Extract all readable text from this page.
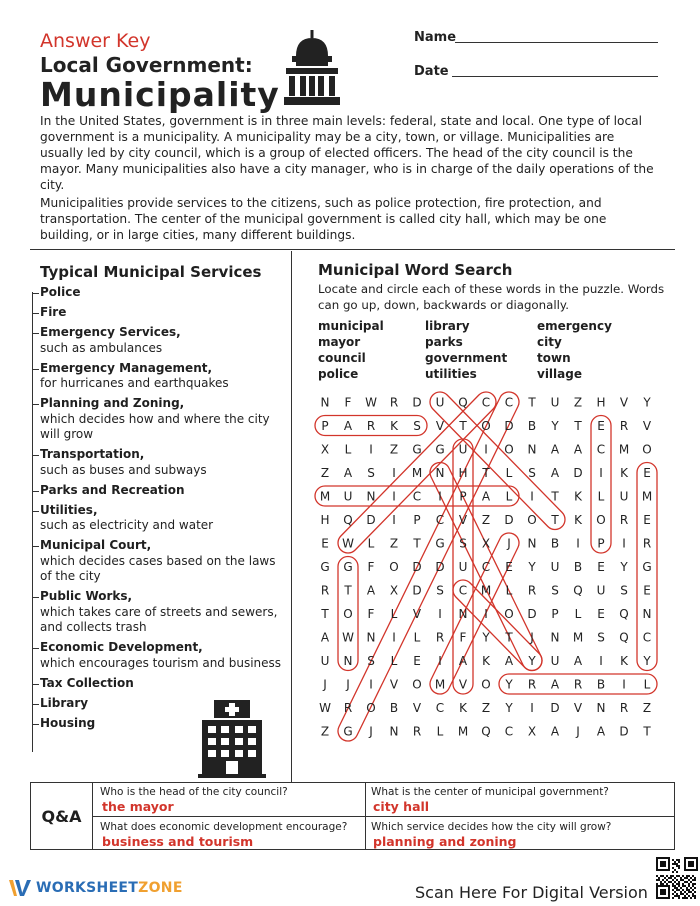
Answer Key
Local Government:
Municipality
Name
Date
In the United States, government is in three main levels: federal, state and local. One type of local government is a municipality. A municipality may be a city, town, or village. Municipalities are usually led by city council, which is a group of elected officers. The head of the city council is the mayor. Many municipalities also have a city manager, who is in charge of the daily operations of the city.
Municipalities provide services to the citizens, such as police protection, fire protection, and transportation. The center of the municipal government is called city hall, which may be one building, or in large cities, many different buildings.
Typical Municipal Services
Police
Fire
Emergency Services,
such as ambulances
Emergency Management,
for hurricanes and earthquakes
Planning and Zoning,
which decides how and where the city will grow
Transportation,
such as buses and subways
Parks and Recreation
Utilities,
such as electricity and water
Municipal Court,
which decides cases based on the laws of the city
Public Works,
which takes care of streets and sewers, and collects trash
Economic Development,
which encourages tourism and business
Tax Collection
Library
Housing
Municipal Word Search
Locate and circle each of these words in the puzzle. Words can go up, down, backwards or diagonally.
municipal
mayor
council
police
library
parks
government
utilities
emergency
city
town
village
N F W R D U Q C C T U Z H V Y
P A R K S V T O D B Y T E R V
X L I Z G G U I O N A A C M O
Z A S I M N H T L S A D I K E
M U N I C I P A L I T K L U M
H Q D I P C V Z D O T K O R E
E W L Z T G S X J N B I P I R
G G F O D D U C E Y U B E Y G
R T A X D S C M L R S Q U S E
T O F L V I N I O D P L E Q N
A W N I L R F Y T J N M S Q C
U N S L E I A K A Y U A I K Y
J J I V O M V O Y R A R B I L
W R O B V C K Z Y I D V N R Z
Z G J N R L M Q C X A J A D T
Q&A
Who is the head of the city council?
the mayor
What is the center of municipal government?
city hall
What does economic development encourage?
business and tourism
Which service decides how the city will grow?
planning and zoning
WORKSHEETZONE	Scan Here For Digital Version
